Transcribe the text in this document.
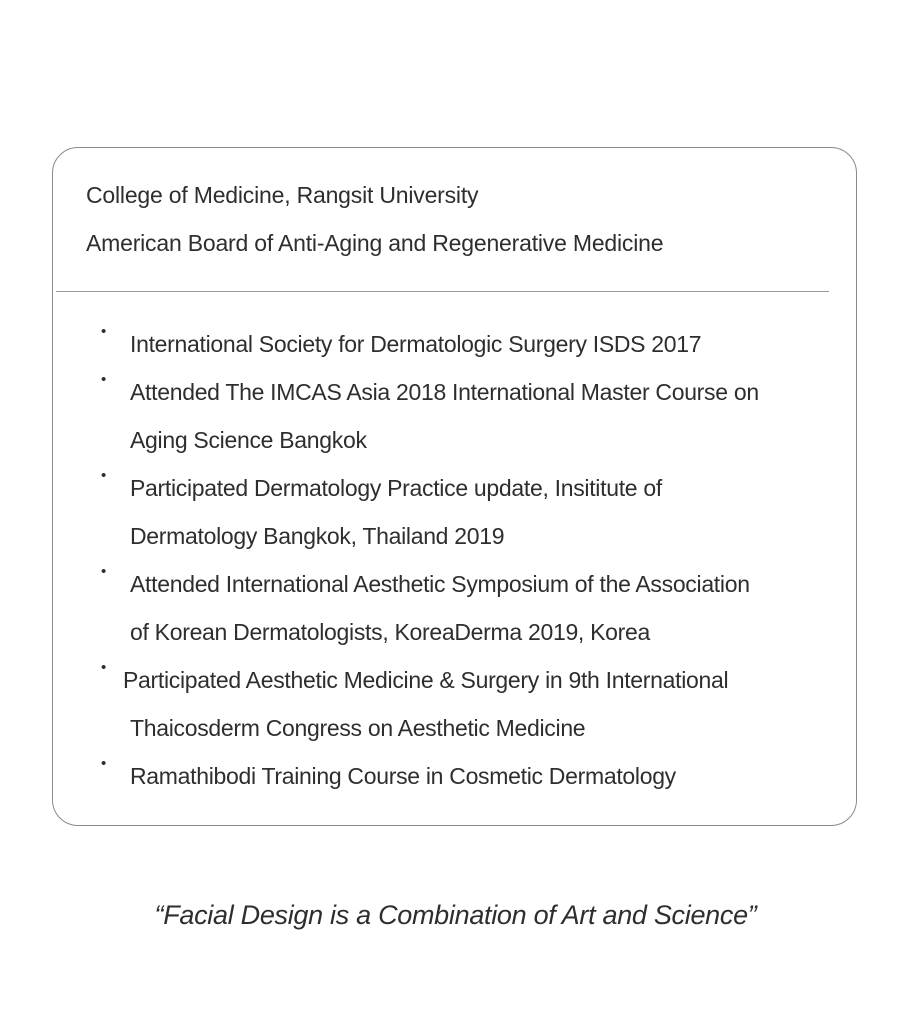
College of Medicine, Rangsit University

American Board of Anti-Aging and Regenerative Medicine

• International Society for Dermatologic Surgery ISDS 2017
• Attended The IMCAS Asia 2018 International Master Course on
Aging Science Bangkok
• Participated Dermatology Practice update, Insititute of
Dermatology Bangkok, Thailand 2019
• Attended International Aesthetic Symposium of the Association
of Korean Dermatologists, KoreaDerma 2019, Korea
• Participated Aesthetic Medicine & Surgery in 9th International
Thaicosderm Congress on Aesthetic Medicine
• Ramathibodi Training Course in Cosmetic Dermatology

“Facial Design is a Combination of Art and Science”
